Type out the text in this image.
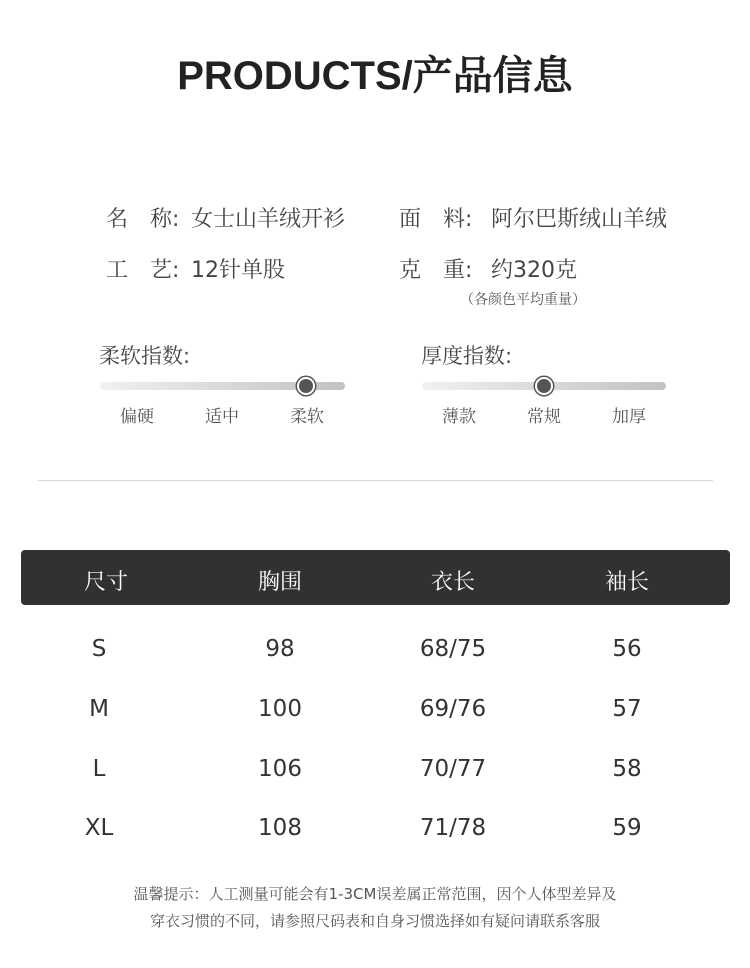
PRODUCTS/产品信息
名　称: 女士山羊绒开衫 面　料: 阿尔巴斯绒山羊绒
工　艺: 12针单股	克　重: 约320克
（各颜色平均重量）
柔软指数:
偏硬	适中	柔软
厚度指数:
薄款	常规	加厚
尺寸	胸围	衣长	袖长
S	98	68/75	56
M	100	69/76	57
L	106	70/77	58
XL	108	71/78	59
温馨提示：人工测量可能会有1-3CM误差属正常范围，因个人体型差异及
穿衣习惯的不同，请参照尺码表和自身习惯选择如有疑问请联系客服
